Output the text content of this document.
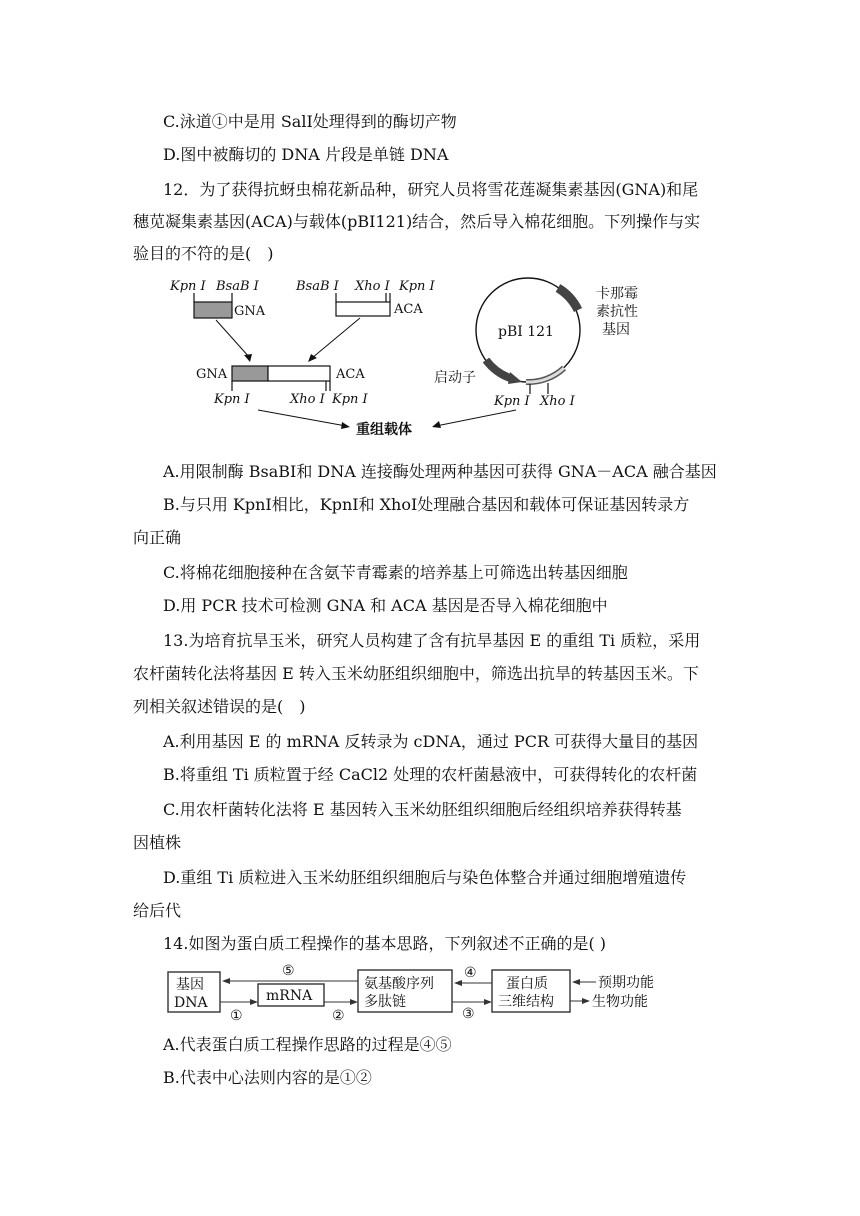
C.泳道①中是用 SalⅠ处理得到的酶切产物
D.图中被酶切的 DNA 片段是单链 DNA
12．为了获得抗蚜虫棉花新品种，研究人员将雪花莲凝集素基因(GNA)和尾
穗苋凝集素基因(ACA)与载体(pBI121)结合，然后导入棉花细胞。下列操作与实
验目的不符的是(　)
Kpn Ⅰ BsaB Ⅰ
GNA
BsaB Ⅰ Xho Ⅰ Kpn Ⅰ
ACA
GNA	ACA
Kpn Ⅰ	Xho Ⅰ Kpn Ⅰ
pBI 121
卡那霉
素抗性
基因
启动子
Kpn Ⅰ Xho Ⅰ
重组载体
A.用限制酶 BsaBⅠ和 DNA 连接酶处理两种基因可获得 GNA－ACA 融合基因
B.与只用 KpnⅠ相比，KpnⅠ和 XhoⅠ处理融合基因和载体可保证基因转录方
向正确
C.将棉花细胞接种在含氨苄青霉素的培养基上可筛选出转基因细胞
D.用 PCR 技术可检测 GNA 和 ACA 基因是否导入棉花细胞中
13.为培育抗旱玉米，研究人员构建了含有抗旱基因 E 的重组 Ti 质粒，采用
农杆菌转化法将基因 E 转入玉米幼胚组织细胞中，筛选出抗旱的转基因玉米。下
列相关叙述错误的是(　)
A.利用基因 E 的 mRNA 反转录为 cDNA，通过 PCR 可获得大量目的基因
B.将重组 Ti 质粒置于经 CaCl2 处理的农杆菌悬液中，可获得转化的农杆菌
C.用农杆菌转化法将 E 基因转入玉米幼胚组织细胞后经组织培养获得转基
因植株
D.重组 Ti 质粒进入玉米幼胚组织细胞后与染色体整合并通过细胞增殖遗传
给后代
14.如图为蛋白质工程操作的基本思路，下列叙述不正确的是( )
基因
DNA	mRNA
氨基酸序列
多肽链
蛋白质
三维结构
预期功能
生物功能
⑤
①	②
④
③
A.代表蛋白质工程操作思路的过程是④⑤
B.代表中心法则内容的是①②
